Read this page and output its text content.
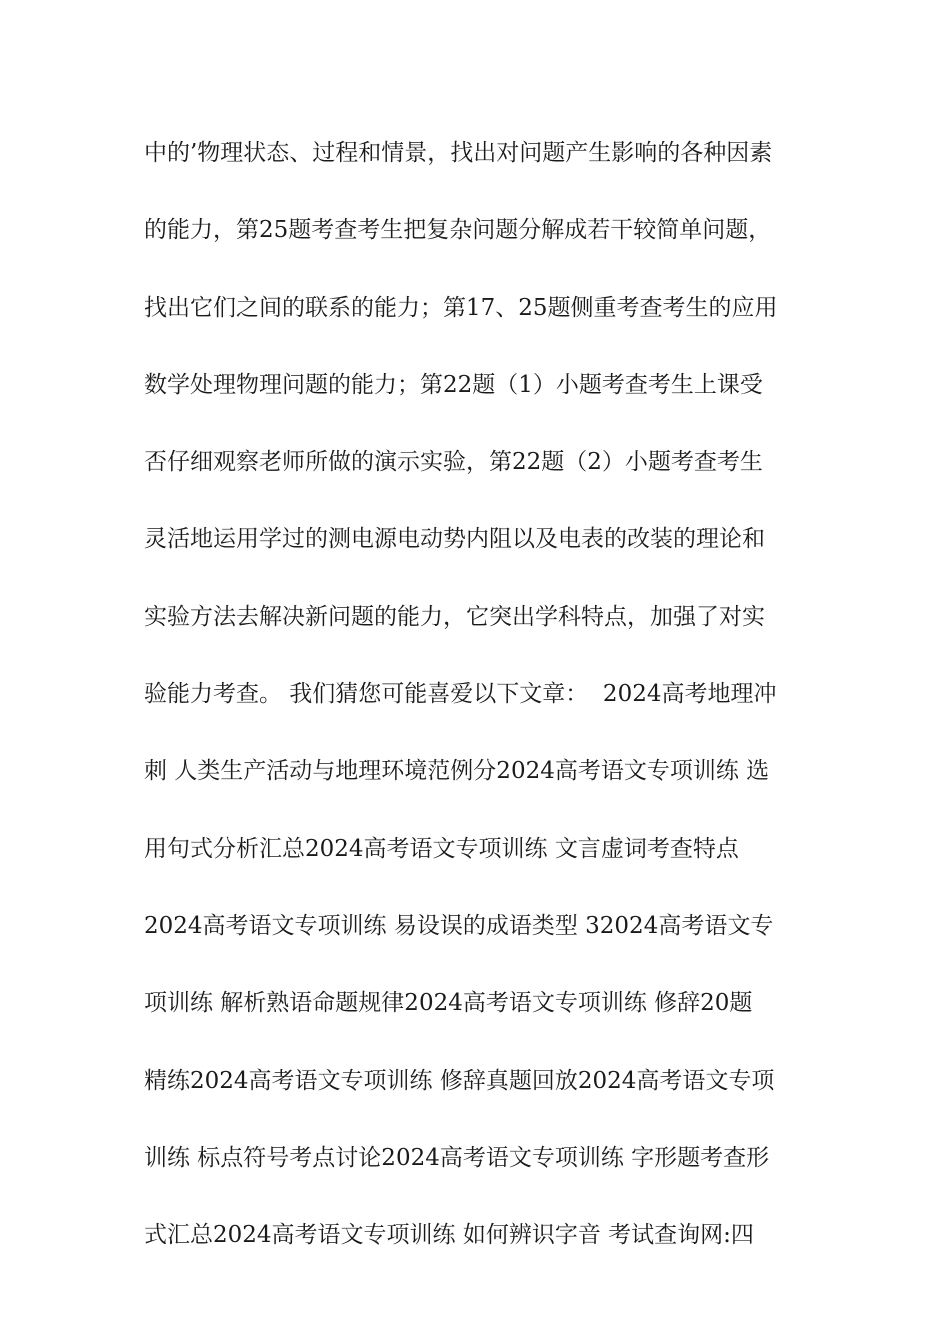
中的’物理状态、过程和情景，找出对问题产生影响的各种因素
的能力，第25题考查考生把复杂问题分解成若干较简单问题，
找出它们之间的联系的能力；第17、25题侧重考查考生的应用
数学处理物理问题的能力；第22题（1）小题考查考生上课受
否仔细观察老师所做的演示实验，第22题（2）小题考查考生
灵活地运用学过的测电源电动势内阻以及电表的改装的理论和
实验方法去解决新问题的能力，它突出学科特点，加强了对实
验能力考查。 我们猜您可能喜爱以下文章：  2024高考地理冲
刺 人类生产活动与地理环境范例分2024高考语文专项训练 选
用句式分析汇总2024高考语文专项训练 文言虚词考查特点
2024高考语文专项训练 易设误的成语类型 32024高考语文专
项训练 解析熟语命题规律2024高考语文专项训练 修辞20题
精练2024高考语文专项训练 修辞真题回放2024高考语文专项
训练 标点符号考点讨论2024高考语文专项训练 字形题考查形
式汇总2024高考语文专项训练 如何辨识字音 考试查询网:四
